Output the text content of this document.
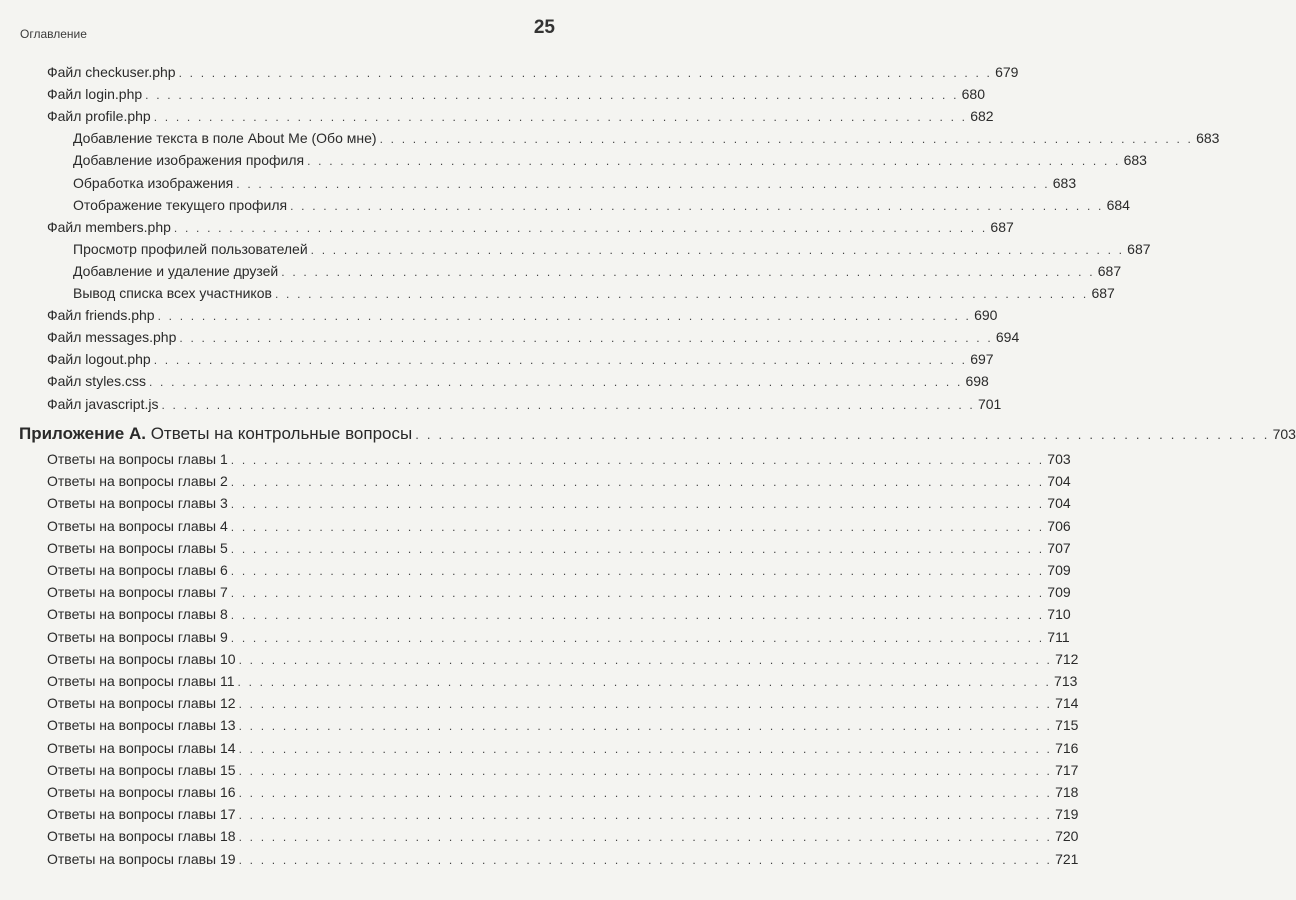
Оглавление	25
Файл checkuser.php . . . . . . . . . . . . . . . . . . . . . . . . . . . . . . . . . . . . . . . . . . . . . . . . . . . . . . . . . . . . . . . . . . . . . . . . . . 679
Файл login.php . . . . . . . . . . . . . . . . . . . . . . . . . . . . . . . . . . . . . . . . . . . . . . . . . . . . . . . . . . . . . . . . . . . . . . . . . . 680
Файл profile.php . . . . . . . . . . . . . . . . . . . . . . . . . . . . . . . . . . . . . . . . . . . . . . . . . . . . . . . . . . . . . . . . . . . . . . . . . . 682
Добавление текста в поле About Me (Обо мне) . . . . . . . . . . . . . . . . . . . . . . . . . . . . . . . . . . . . . . . . . . . . . . . . . . . . . . . . . . . . . . . . . . . . . . . . . . 683
Добавление изображения профиля . . . . . . . . . . . . . . . . . . . . . . . . . . . . . . . . . . . . . . . . . . . . . . . . . . . . . . . . . . . . . . . . . . . . . . . . . . 683
Обработка изображения . . . . . . . . . . . . . . . . . . . . . . . . . . . . . . . . . . . . . . . . . . . . . . . . . . . . . . . . . . . . . . . . . . . . . . . . . . 683
Отображение текущего профиля . . . . . . . . . . . . . . . . . . . . . . . . . . . . . . . . . . . . . . . . . . . . . . . . . . . . . . . . . . . . . . . . . . . . . . . . . . 684
Файл members.php . . . . . . . . . . . . . . . . . . . . . . . . . . . . . . . . . . . . . . . . . . . . . . . . . . . . . . . . . . . . . . . . . . . . . . . . . . 687
Просмотр профилей пользователей . . . . . . . . . . . . . . . . . . . . . . . . . . . . . . . . . . . . . . . . . . . . . . . . . . . . . . . . . . . . . . . . . . . . . . . . . . 687
Добавление и удаление друзей . . . . . . . . . . . . . . . . . . . . . . . . . . . . . . . . . . . . . . . . . . . . . . . . . . . . . . . . . . . . . . . . . . . . . . . . . . 687
Вывод списка всех участников . . . . . . . . . . . . . . . . . . . . . . . . . . . . . . . . . . . . . . . . . . . . . . . . . . . . . . . . . . . . . . . . . . . . . . . . . . 687
Файл friends.php . . . . . . . . . . . . . . . . . . . . . . . . . . . . . . . . . . . . . . . . . . . . . . . . . . . . . . . . . . . . . . . . . . . . . . . . . . 690
Файл messages.php . . . . . . . . . . . . . . . . . . . . . . . . . . . . . . . . . . . . . . . . . . . . . . . . . . . . . . . . . . . . . . . . . . . . . . . . . . 694
Файл logout.php . . . . . . . . . . . . . . . . . . . . . . . . . . . . . . . . . . . . . . . . . . . . . . . . . . . . . . . . . . . . . . . . . . . . . . . . . . 697
Файл styles.css . . . . . . . . . . . . . . . . . . . . . . . . . . . . . . . . . . . . . . . . . . . . . . . . . . . . . . . . . . . . . . . . . . . . . . . . . . 698
Файл javascript.js . . . . . . . . . . . . . . . . . . . . . . . . . . . . . . . . . . . . . . . . . . . . . . . . . . . . . . . . . . . . . . . . . . . . . . . . . . 701
Приложение А. Ответы на контрольные вопросы . . . . . . . . . . . . . . . . . . . . . . . . . . . . . . . . . . . . . . . . . . . . . . . . . . . . . . . . . . . . . . . . . . . . . . . . . . 703
Ответы на вопросы главы 1 . . . . . . . . . . . . . . . . . . . . . . . . . . . . . . . . . . . . . . . . . . . . . . . . . . . . . . . . . . . . . . . . . . . . . . . . . . 703
Ответы на вопросы главы 2 . . . . . . . . . . . . . . . . . . . . . . . . . . . . . . . . . . . . . . . . . . . . . . . . . . . . . . . . . . . . . . . . . . . . . . . . . . 704
Ответы на вопросы главы 3 . . . . . . . . . . . . . . . . . . . . . . . . . . . . . . . . . . . . . . . . . . . . . . . . . . . . . . . . . . . . . . . . . . . . . . . . . . 704
Ответы на вопросы главы 4 . . . . . . . . . . . . . . . . . . . . . . . . . . . . . . . . . . . . . . . . . . . . . . . . . . . . . . . . . . . . . . . . . . . . . . . . . . 706
Ответы на вопросы главы 5 . . . . . . . . . . . . . . . . . . . . . . . . . . . . . . . . . . . . . . . . . . . . . . . . . . . . . . . . . . . . . . . . . . . . . . . . . . 707
Ответы на вопросы главы 6 . . . . . . . . . . . . . . . . . . . . . . . . . . . . . . . . . . . . . . . . . . . . . . . . . . . . . . . . . . . . . . . . . . . . . . . . . . 709
Ответы на вопросы главы 7 . . . . . . . . . . . . . . . . . . . . . . . . . . . . . . . . . . . . . . . . . . . . . . . . . . . . . . . . . . . . . . . . . . . . . . . . . . 709
Ответы на вопросы главы 8 . . . . . . . . . . . . . . . . . . . . . . . . . . . . . . . . . . . . . . . . . . . . . . . . . . . . . . . . . . . . . . . . . . . . . . . . . . 710
Ответы на вопросы главы 9 . . . . . . . . . . . . . . . . . . . . . . . . . . . . . . . . . . . . . . . . . . . . . . . . . . . . . . . . . . . . . . . . . . . . . . . . . . 711
Ответы на вопросы главы 10 . . . . . . . . . . . . . . . . . . . . . . . . . . . . . . . . . . . . . . . . . . . . . . . . . . . . . . . . . . . . . . . . . . . . . . . . . . 712
Ответы на вопросы главы 11 . . . . . . . . . . . . . . . . . . . . . . . . . . . . . . . . . . . . . . . . . . . . . . . . . . . . . . . . . . . . . . . . . . . . . . . . . . 713
Ответы на вопросы главы 12 . . . . . . . . . . . . . . . . . . . . . . . . . . . . . . . . . . . . . . . . . . . . . . . . . . . . . . . . . . . . . . . . . . . . . . . . . . 714
Ответы на вопросы главы 13 . . . . . . . . . . . . . . . . . . . . . . . . . . . . . . . . . . . . . . . . . . . . . . . . . . . . . . . . . . . . . . . . . . . . . . . . . . 715
Ответы на вопросы главы 14 . . . . . . . . . . . . . . . . . . . . . . . . . . . . . . . . . . . . . . . . . . . . . . . . . . . . . . . . . . . . . . . . . . . . . . . . . . 716
Ответы на вопросы главы 15 . . . . . . . . . . . . . . . . . . . . . . . . . . . . . . . . . . . . . . . . . . . . . . . . . . . . . . . . . . . . . . . . . . . . . . . . . . 717
Ответы на вопросы главы 16 . . . . . . . . . . . . . . . . . . . . . . . . . . . . . . . . . . . . . . . . . . . . . . . . . . . . . . . . . . . . . . . . . . . . . . . . . . 718
Ответы на вопросы главы 17 . . . . . . . . . . . . . . . . . . . . . . . . . . . . . . . . . . . . . . . . . . . . . . . . . . . . . . . . . . . . . . . . . . . . . . . . . . 719
Ответы на вопросы главы 18 . . . . . . . . . . . . . . . . . . . . . . . . . . . . . . . . . . . . . . . . . . . . . . . . . . . . . . . . . . . . . . . . . . . . . . . . . . 720
Ответы на вопросы главы 19 . . . . . . . . . . . . . . . . . . . . . . . . . . . . . . . . . . . . . . . . . . . . . . . . . . . . . . . . . . . . . . . . . . . . . . . . . . 721
